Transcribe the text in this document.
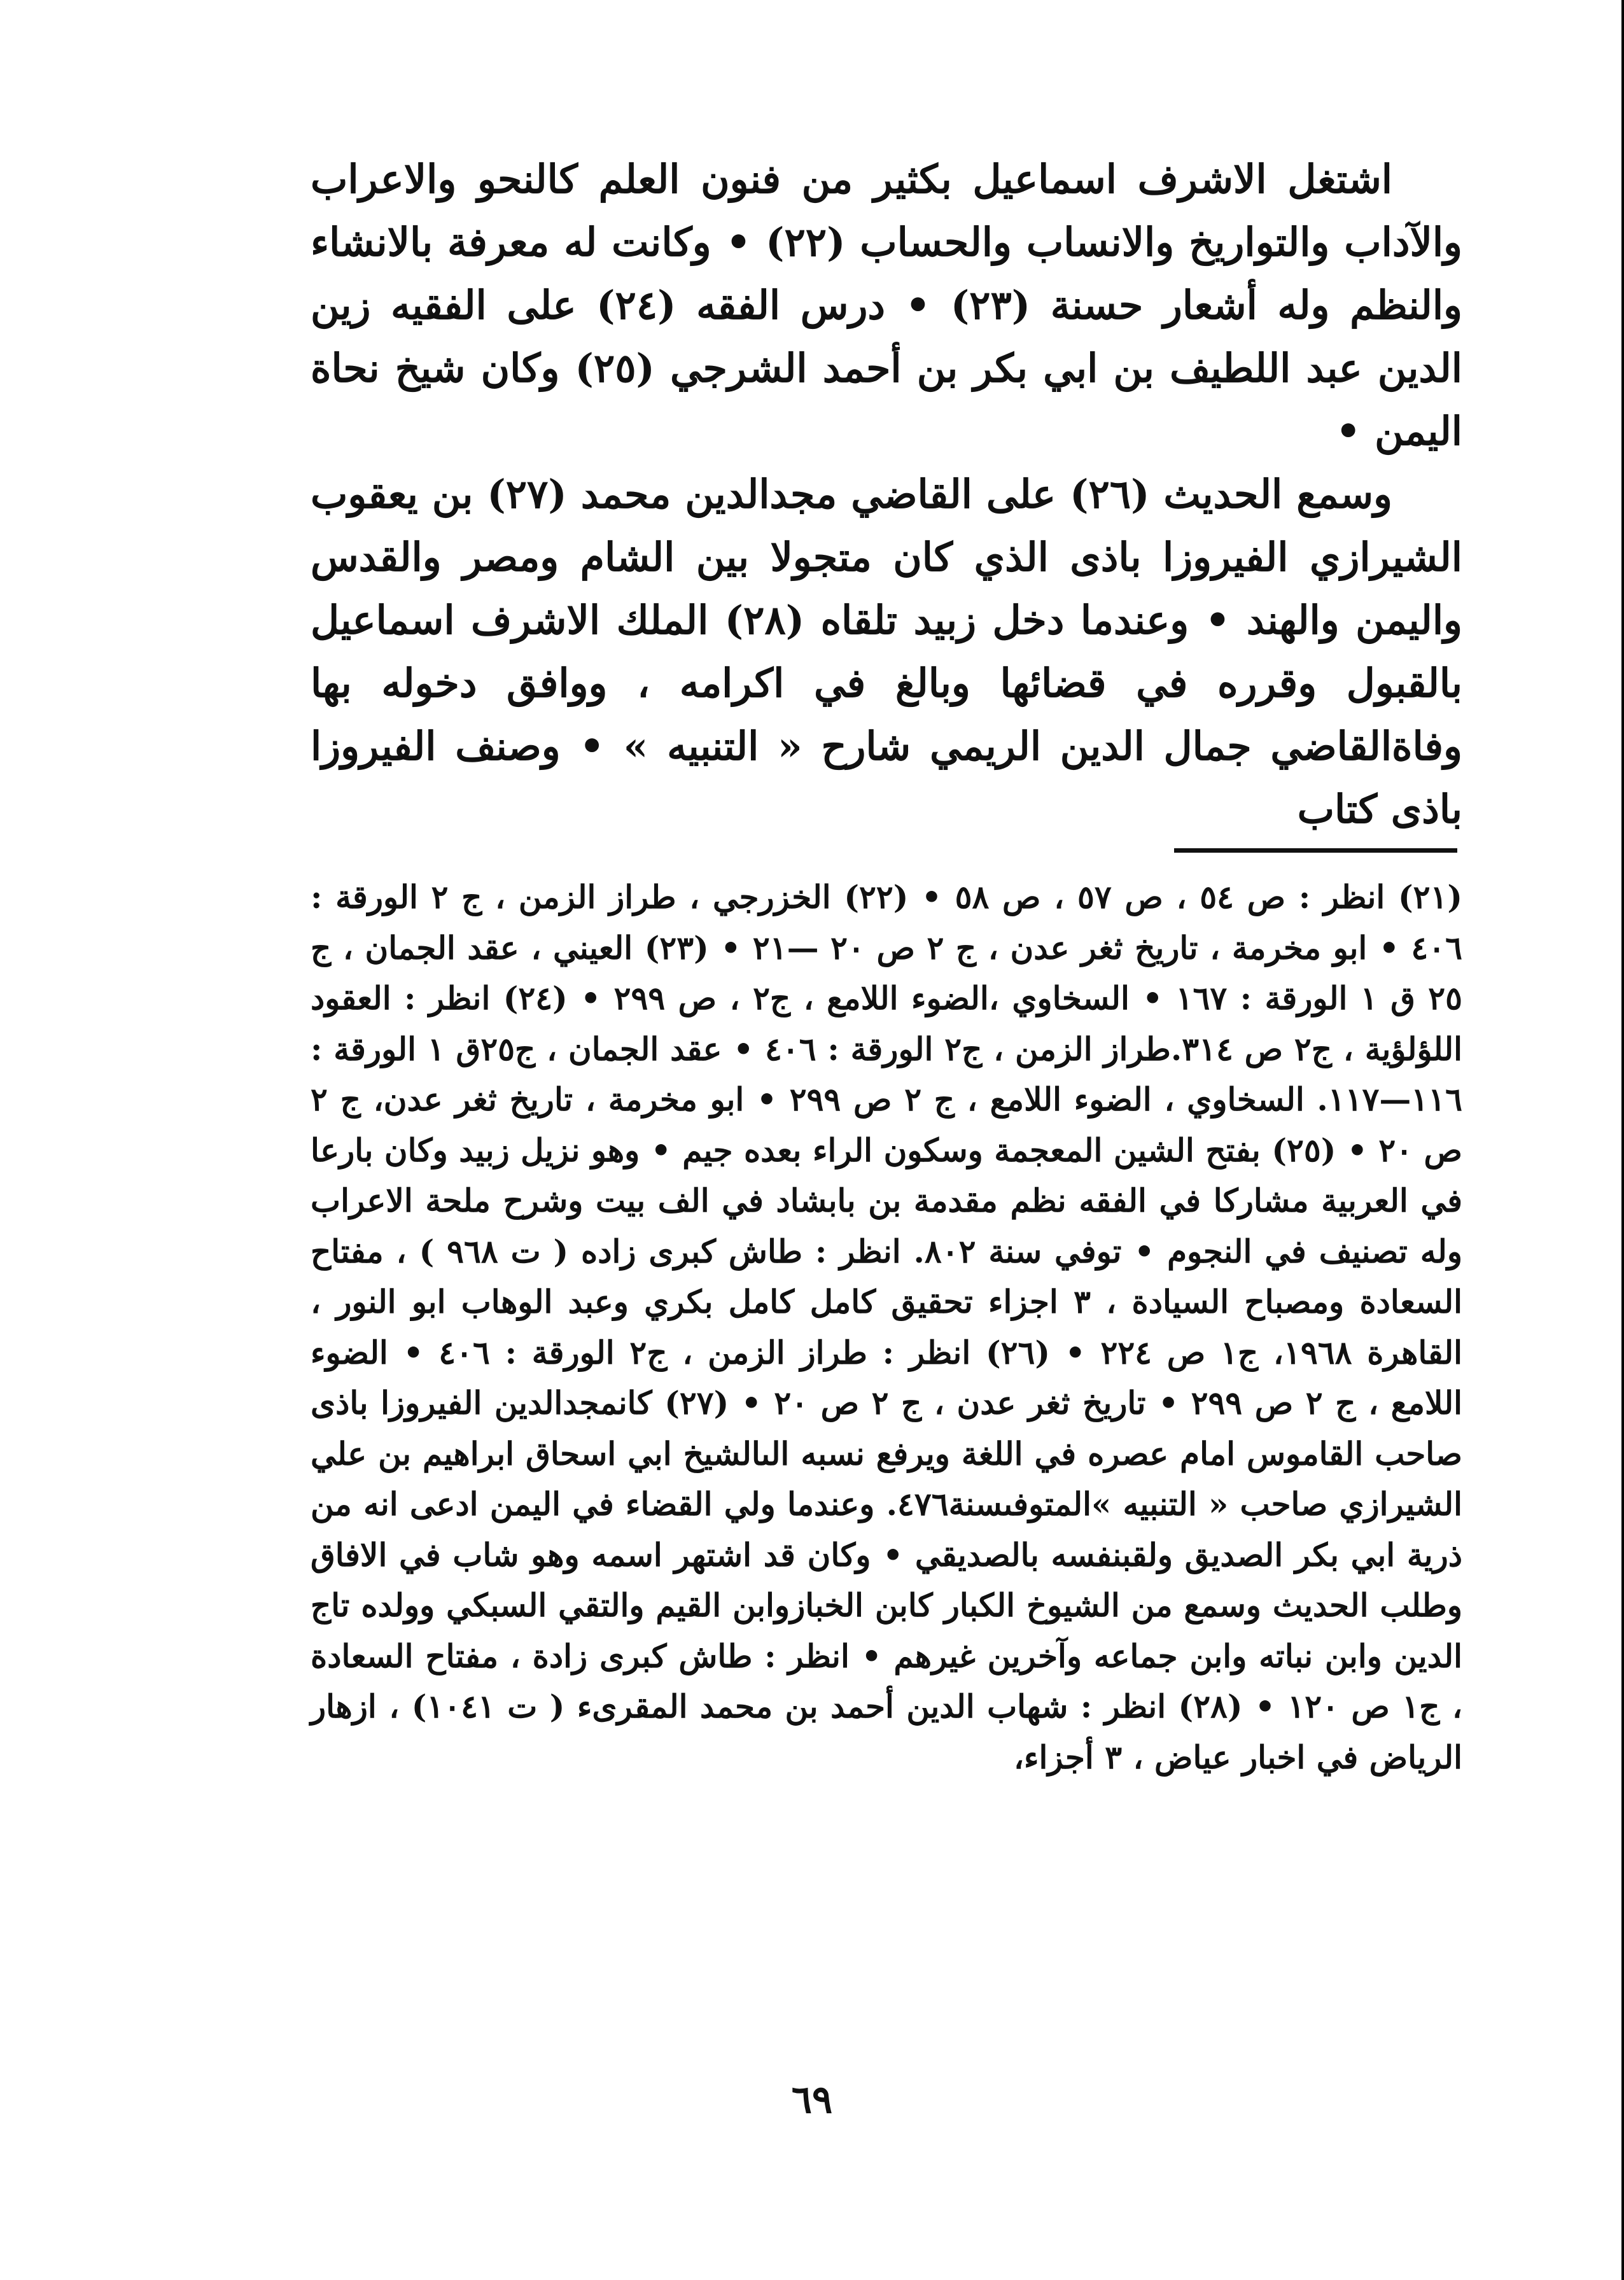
اشتغل الاشرف اسماعيل بكثير من فنون العلم كالنحو والاعراب والآداب والتواريخ والانساب والحساب (٢٢) • وكانت له معرفة بالانشاء والنظم وله أشعار حسنة (٢٣) • درس الفقه (٢٤) على الفقيه زين الدين عبد اللطيف بن ابي بكر بن أحمد الشرجي (٢٥) وكان شيخ نحاة اليمن •

وسمع الحديث (٢٦) على القاضي مجدالدين محمد (٢٧) بن يعقوب الشيرازي الفيروزا باذى الذي كان متجولا بين الشام ومصر والقدس واليمن والهند • وعندما دخل زبيد تلقاه (٢٨) الملك الاشرف اسماعيل بالقبول وقرره في قضائها وبالغ في اكرامه ، ووافق دخوله بها وفاةالقاضي جمال الدين الريمي شارح « التنبيه » • وصنف الفيروزا باذى كتاب

(٢١) انظر : ص ٥٤ ، ص ٥٧ ، ص ٥٨ • (٢٢) الخزرجي ، طراز الزمن ، ج ٢ الورقة : ٤٠٦ • ابو مخرمة ، تاريخ ثغر عدن ، ج ٢ ص ٢٠ —٢١ • (٢٣) العيني ، عقد الجمان ، ج ٢٥ ق ١ الورقة : ١٦٧ • السخاوي ،الضوء اللامع ، ج٢ ، ص ٢٩٩ • (٢٤) انظر : العقود اللؤلؤية ، ج٢ ص ٣١٤.طراز الزمن ، ج٢ الورقة : ٤٠٦ • عقد الجمان ، ج٢٥ق ١ الورقة : ١١٦—١١٧. السخاوي ، الضوء اللامع ، ج ٢ ص ٢٩٩ • ابو مخرمة ، تاريخ ثغر عدن، ج ٢ ص ٢٠ • (٢٥) بفتح الشين المعجمة وسكون الراء بعده جيم • وهو نزيل زبيد وكان بارعا في العربية مشاركا في الفقه نظم مقدمة بن بابشاد في الف بيت وشرح ملحة الاعراب وله تصنيف في النجوم • توفي سنة ٨٠٢. انظر : طاش كبرى زاده ( ت ٩٦٨ ) ، مفتاح السعادة ومصباح السيادة ، ٣ اجزاء تحقيق كامل كامل بكري وعبد الوهاب ابو النور ، القاهرة ١٩٦٨، ج١ ص ٢٢٤ • (٢٦) انظر : طراز الزمن ، ج٢ الورقة : ٤٠٦ • الضوء اللامع ، ج ٢ ص ٢٩٩ • تاريخ ثغر عدن ، ج ٢ ص ٢٠ • (٢٧) كانمجدالدين الفيروزا باذى صاحب القاموس امام عصره في اللغة ويرفع نسبه الىالشيخ ابي اسحاق ابراهيم بن علي الشيرازي صاحب « التنبيه »المتوفىسنة٤٧٦. وعندما ولي القضاء في اليمن ادعى انه من ذرية ابي بكر الصديق ولقبنفسه بالصديقي • وكان قد اشتهر اسمه وهو شاب في الافاق وطلب الحديث وسمع من الشيوخ الكبار كابن الخبازوابن القيم والتقي السبكي وولده تاج الدين وابن نباته وابن جماعه وآخرين غيرهم • انظر : طاش كبرى زادة ، مفتاح السعادة ، ج١ ص ١٢٠ • (٢٨) انظر : شهاب الدين أحمد بن محمد المقرىء ( ت ١٠٤١) ، ازهار الرياض في اخبار عياض ، ٣ أجزاء،
٦٩
